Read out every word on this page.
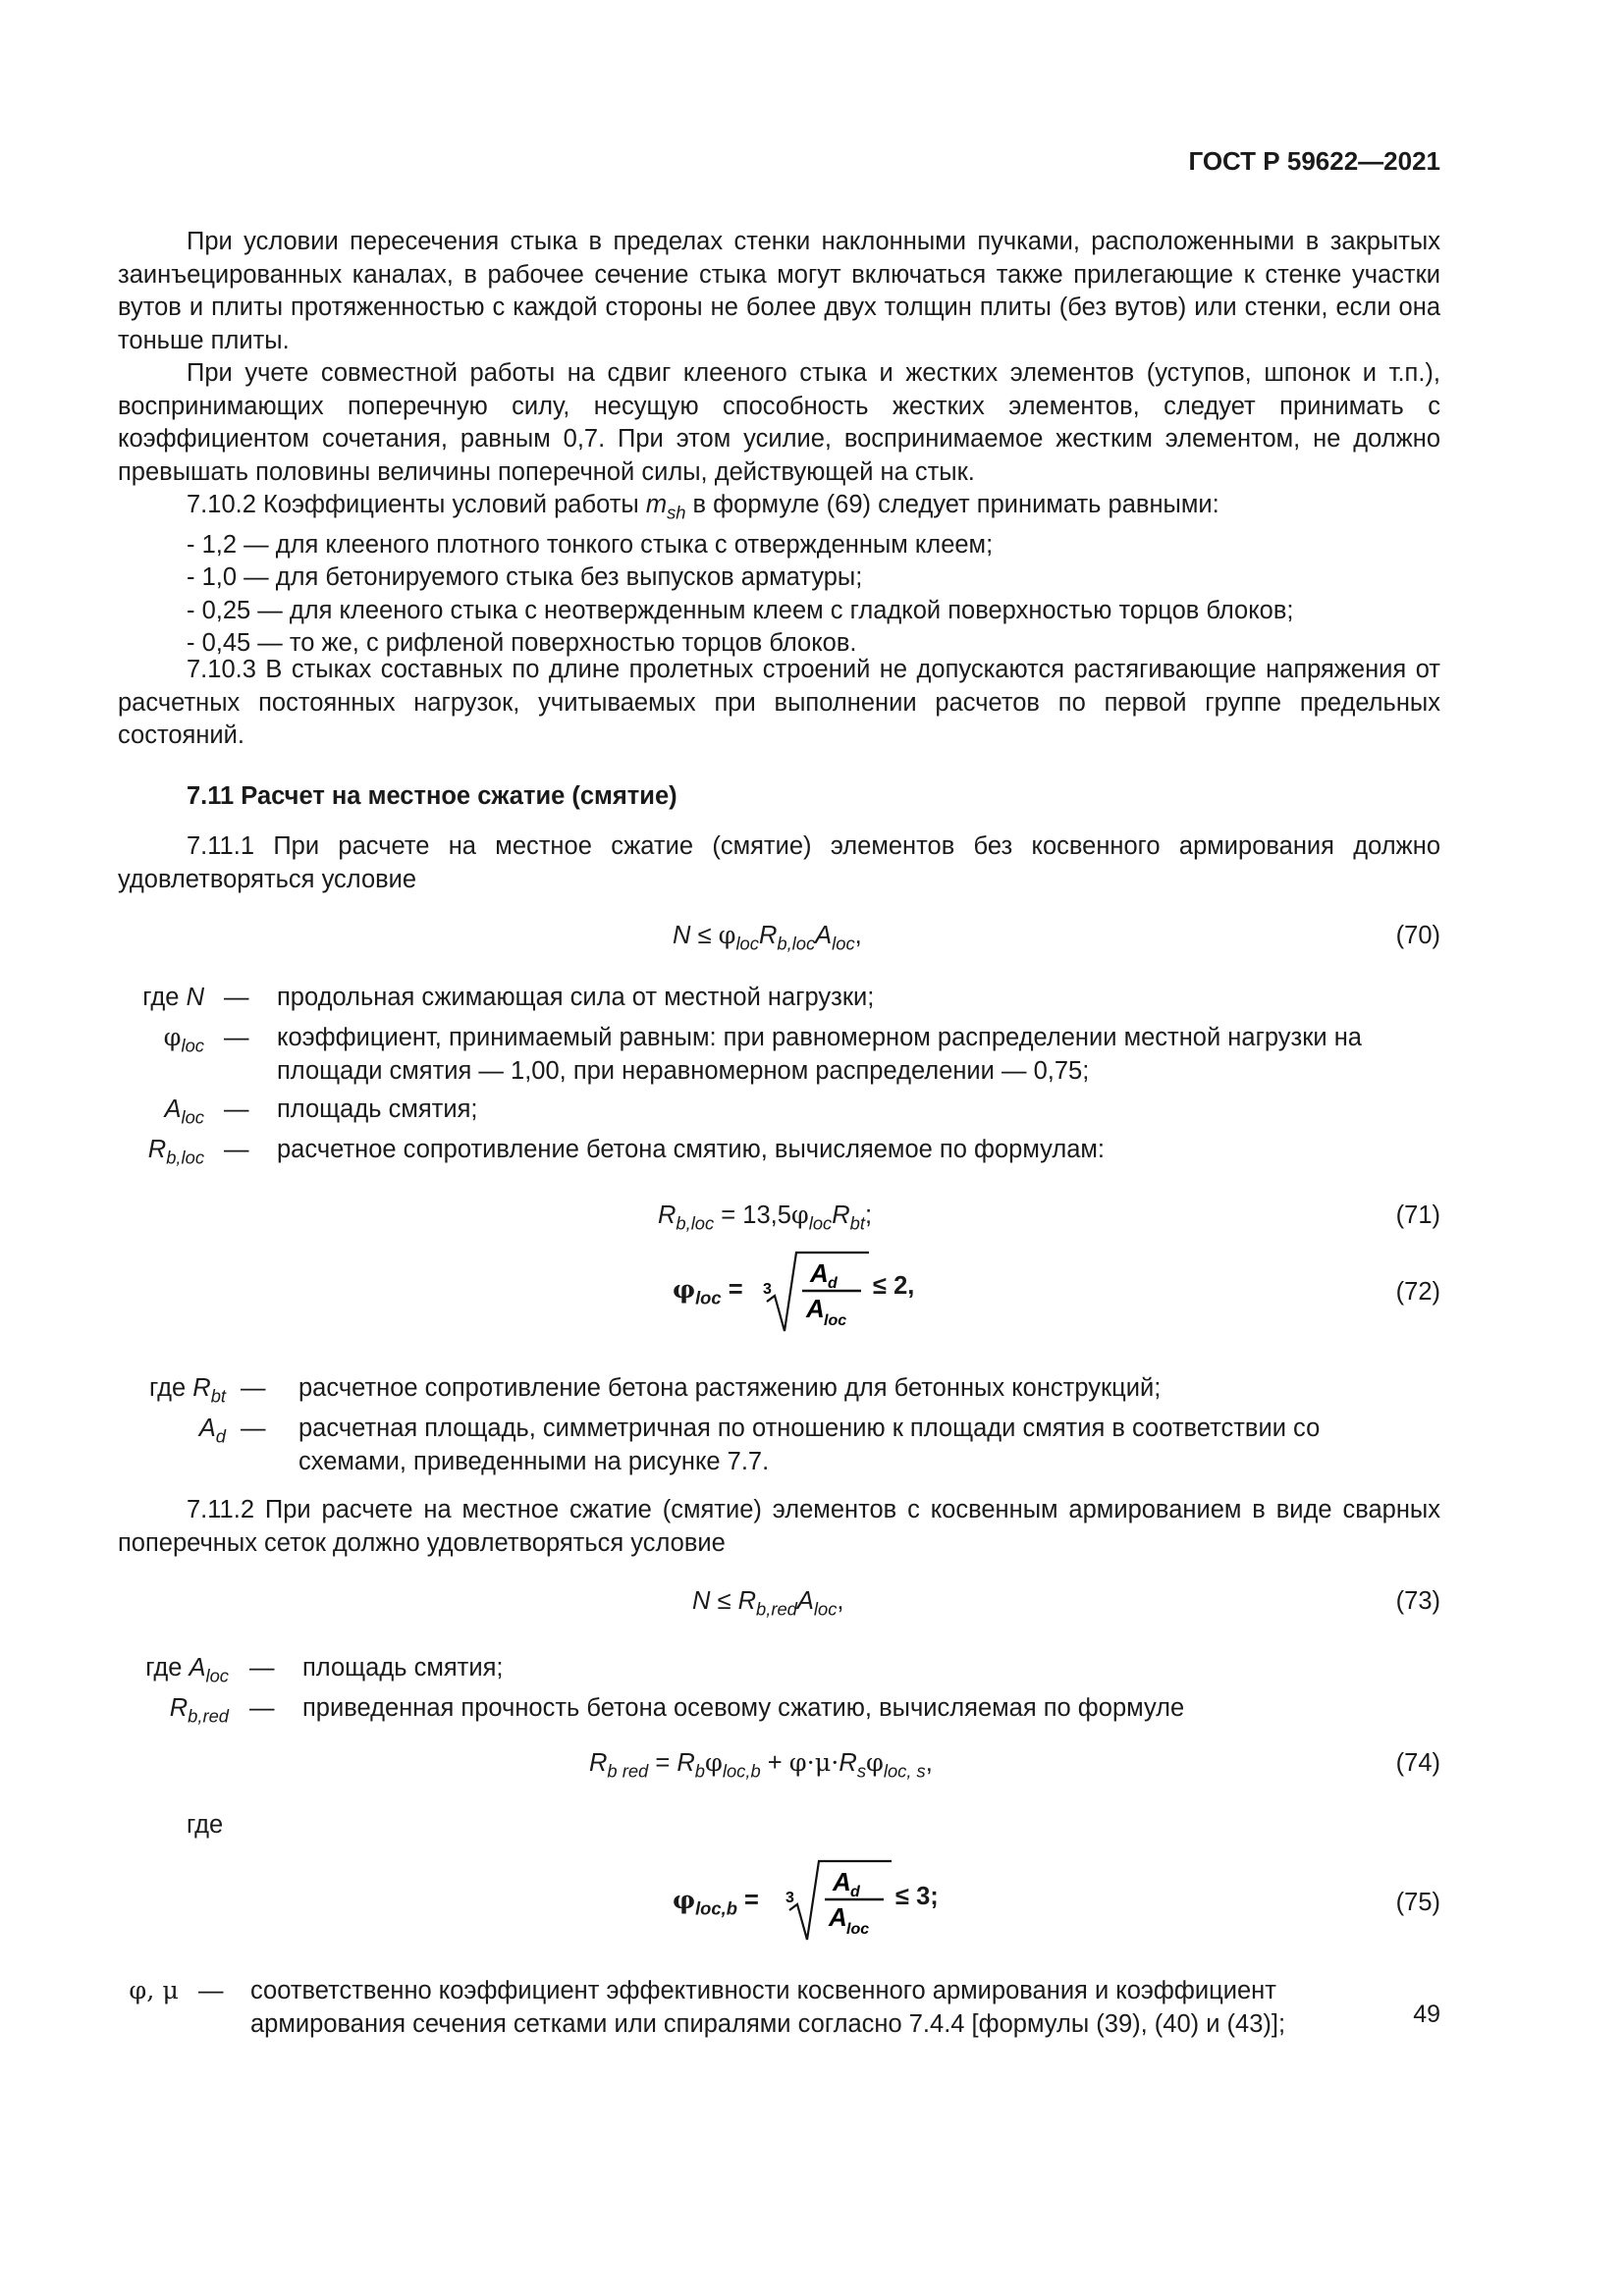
ГОСТ Р 59622—2021

При условии пересечения стыка в пределах стенки наклонными пучками, расположенными в закрытых заинъецированных каналах, в рабочее сечение стыка могут включаться также прилегающие к стенке участки вутов и плиты протяженностью с каждой стороны не более двух толщин плиты (без вутов) или стенки, если она тоньше плиты.

При учете совместной работы на сдвиг клееного стыка и жестких элементов (уступов, шпонок и т.п.), воспринимающих поперечную силу, несущую способность жестких элементов, следует принимать с коэффициентом сочетания, равным 0,7. При этом усилие, воспринимаемое жестким элементом, не должно превышать половины величины поперечной силы, действующей на стык.

7.10.2 Коэффициенты условий работы $m_{sh}$ в формуле (69) следует принимать равными:

- 1,2 — для клееного плотного тонкого стыка с отвержденным клеем;

- 1,0 — для бетонируемого стыка без выпусков арматуры;

- 0,25 — для клееного стыка с неотвержденным клеем с гладкой поверхностью торцов блоков;

- 0,45 — то же, с рифленой поверхностью торцов блоков.

7.10.3 В стыках составных по длине пролетных строений не допускаются растягивающие напряжения от расчетных постоянных нагрузок, учитываемых при выполнении расчетов по первой группе предельных состояний.

7.11 Расчет на местное сжатие (смятие)

7.11.1 При расчете на местное сжатие (смятие) элементов без косвенного армирования должно удовлетворяться условие

$N \le \varphi_{loc}R_{b,loc}A_{loc}$,	(70)
где N — продольная сжимающая сила от местной нагрузки;
$\varphi_{loc}$ — коэффициент, принимаемый равным: при равномерном распределении местной нагрузки на площади смятия — 1,00, при неравномерном распределении — 0,75;
$A_{loc}$ — площадь смятия;
$R_{b,loc}$ — расчетное сопротивление бетона смятию, вычисляемое по формулам:
$R_{b,loc} = 13,5\varphi_{loc}R_{bt}$;	(71)
$\varphi_{loc} = 3$
A d
A loc
≤ 2,	(72)
где $R_{bt}$ — расчетное сопротивление бетона растяжению для бетонных конструкций;
$A_d$ — расчетная площадь, симметричная по отношению к площади смятия в соответствии со схемами, приведенными на рисунке 7.7.

7.11.2 При расчете на местное сжатие (смятие) элементов с косвенным армированием в виде сварных поперечных сеток должно удовлетворяться условие

$N \le R_{b,red}A_{loc}$,	(73)
где $A_{loc}$ — площадь смятия;
$R_{b,red}$ — приведенная прочность бетона осевому сжатию, вычисляемая по формуле
$R_{b red} = R_b\varphi_{loc,b} + \varphi\cdot\mu\cdot R_s\varphi_{loc, s}$,	(74)

где

$\varphi_{loc,b} = 3$
A d
A loc
≤ 3;	(75)
φ, μ — соответственно коэффициент эффективности косвенного армирования и коэффициент армирования сечения сетками или спиралями согласно 7.4.4 [формулы (39), (40) и (43)];	49
